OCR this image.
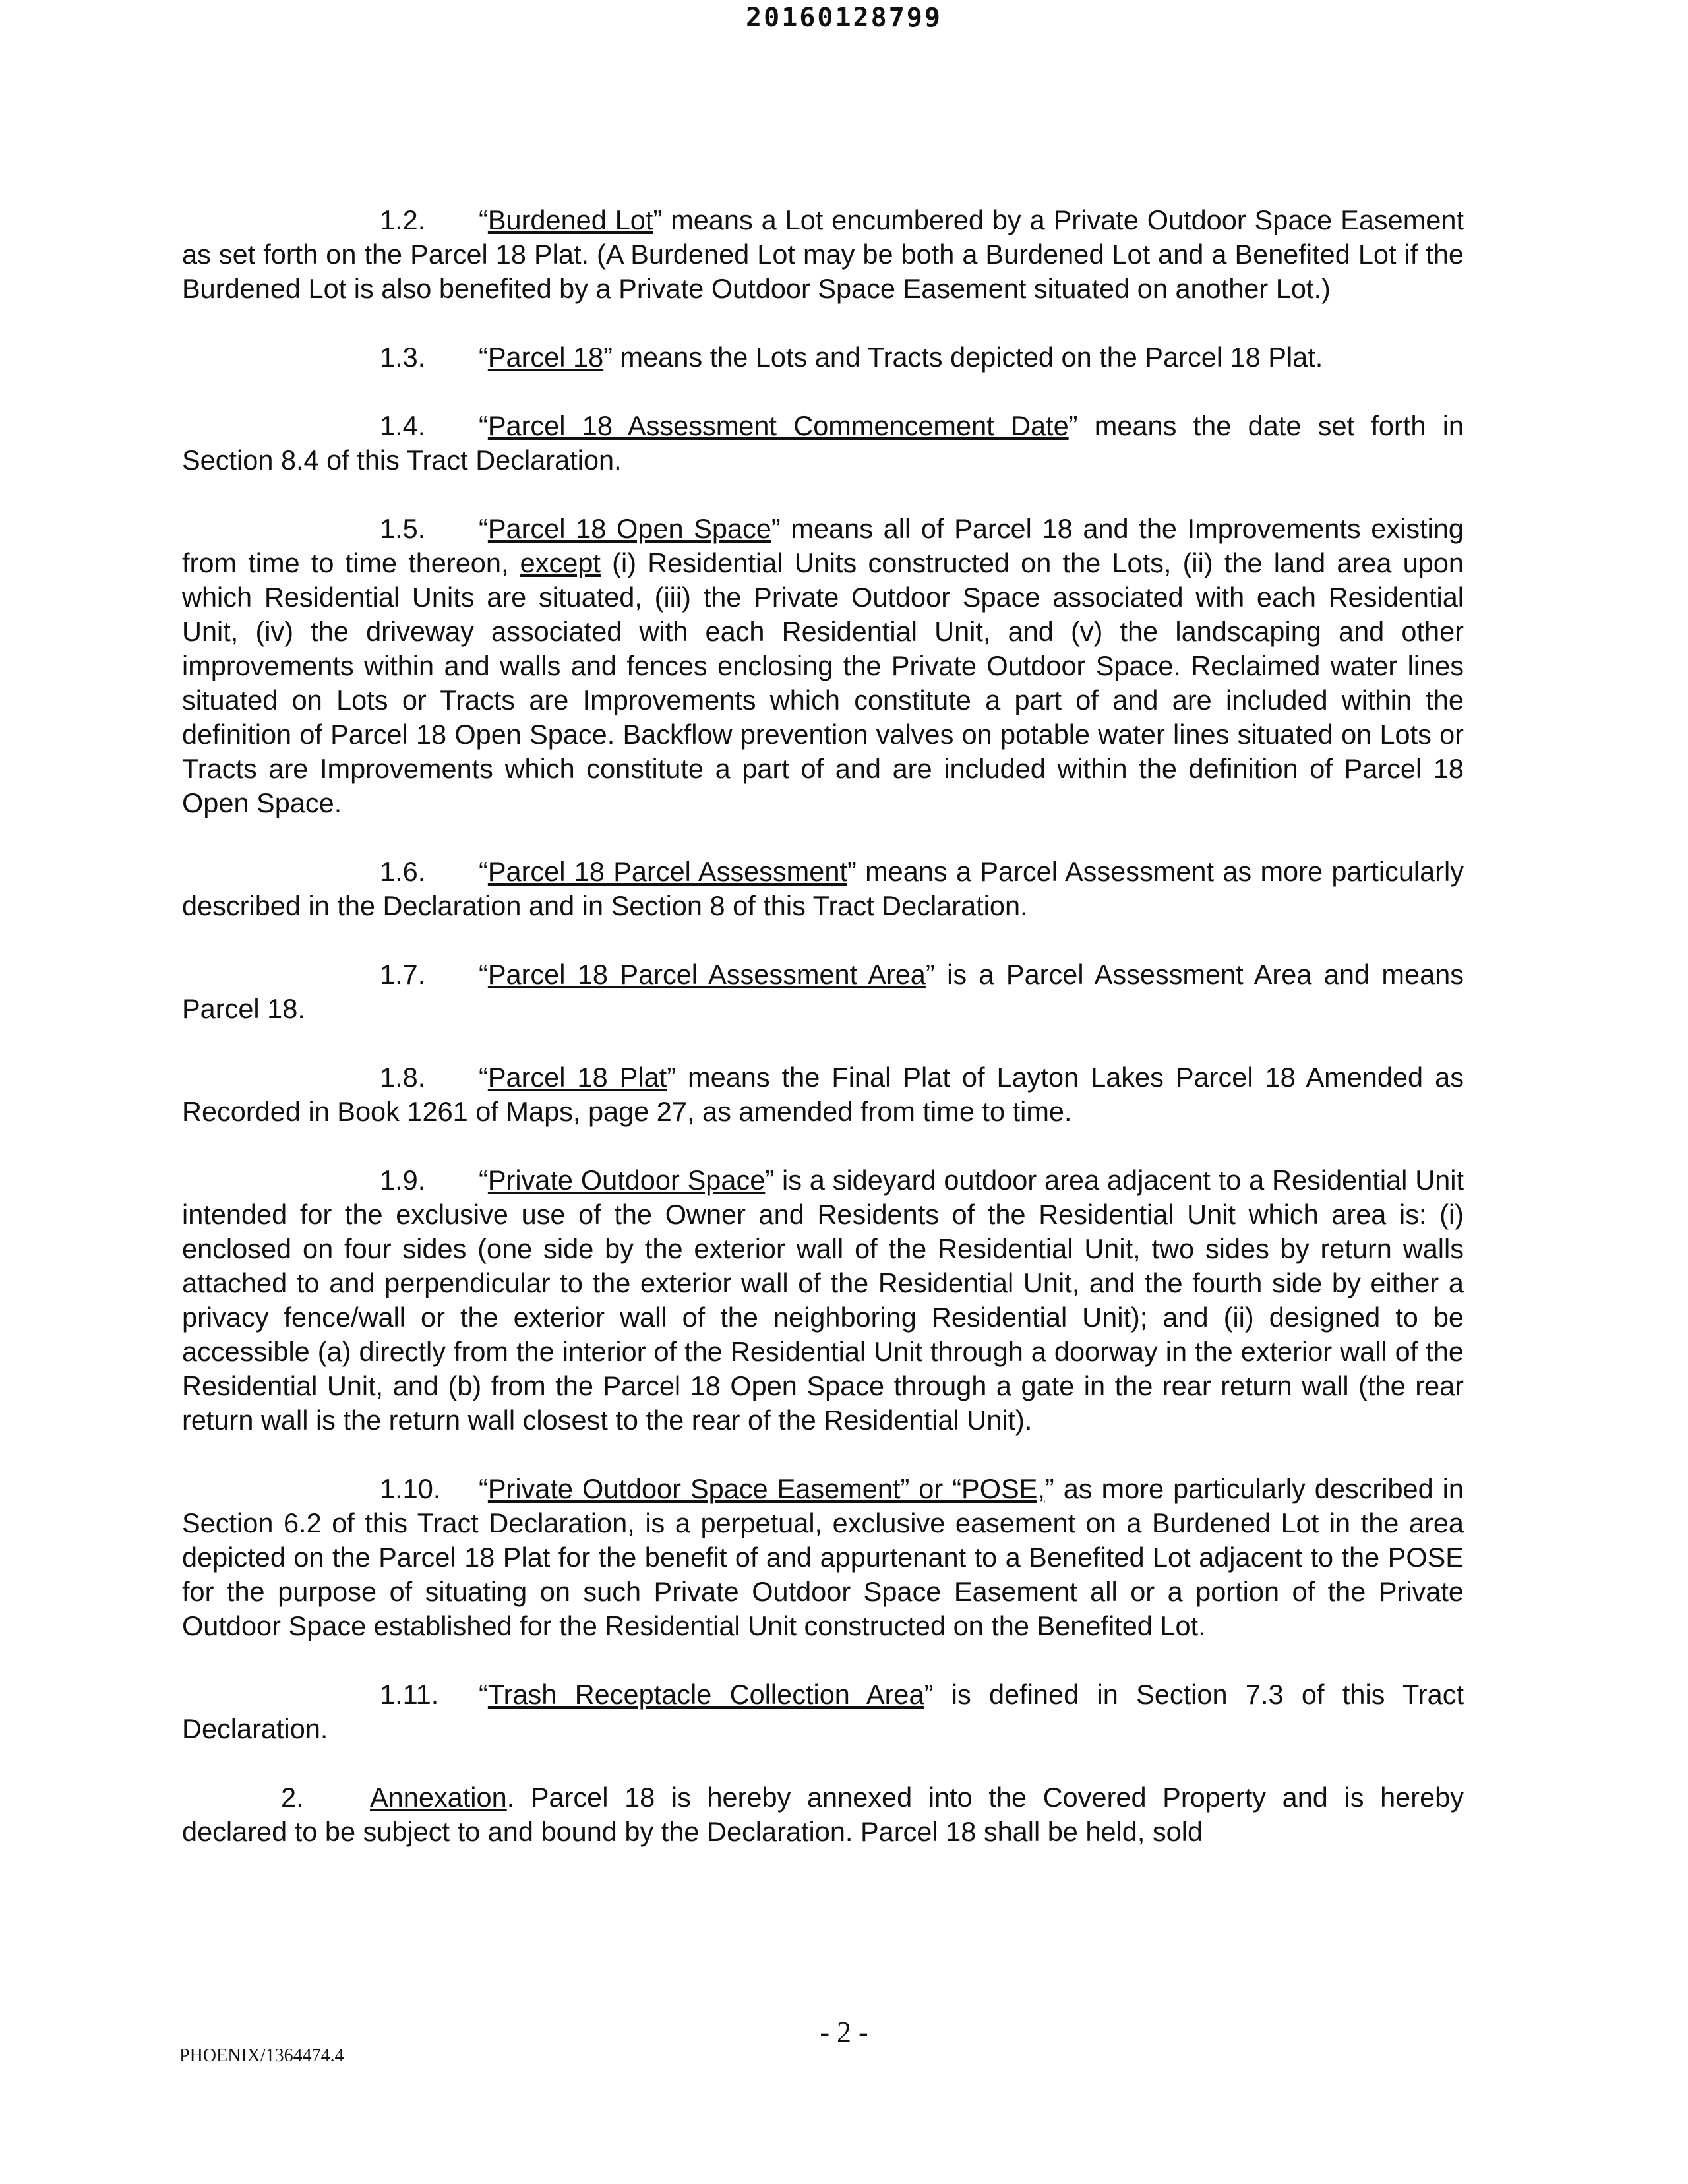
20160128799

1.2. “Burdened Lot” means a Lot encumbered by a Private Outdoor Space Easement as set forth on the Parcel 18 Plat. (A Burdened Lot may be both a Burdened Lot and a Benefited Lot if the Burdened Lot is also benefited by a Private Outdoor Space Easement situated on another Lot.)

1.3. “Parcel 18” means the Lots and Tracts depicted on the Parcel 18 Plat.

1.4. “Parcel 18 Assessment Commencement Date” means the date set forth in Section 8.4 of this Tract Declaration.

1.5. “Parcel 18 Open Space” means all of Parcel 18 and the Improvements existing from time to time thereon, except (i) Residential Units constructed on the Lots, (ii) the land area upon which Residential Units are situated, (iii) the Private Outdoor Space associated with each Residential Unit, (iv) the driveway associated with each Residential Unit, and (v) the landscaping and other improvements within and walls and fences enclosing the Private Outdoor Space. Reclaimed water lines situated on Lots or Tracts are Improvements which constitute a part of and are included within the definition of Parcel 18 Open Space. Backflow prevention valves on potable water lines situated on Lots or Tracts are Improvements which constitute a part of and are included within the definition of Parcel 18 Open Space.

1.6. “Parcel 18 Parcel Assessment” means a Parcel Assessment as more particularly described in the Declaration and in Section 8 of this Tract Declaration.

1.7. “Parcel 18 Parcel Assessment Area” is a Parcel Assessment Area and means Parcel 18.

1.8. “Parcel 18 Plat” means the Final Plat of Layton Lakes Parcel 18 Amended as Recorded in Book 1261 of Maps, page 27, as amended from time to time.

1.9. “Private Outdoor Space” is a sideyard outdoor area adjacent to a Residential Unit intended for the exclusive use of the Owner and Residents of the Residential Unit which area is: (i) enclosed on four sides (one side by the exterior wall of the Residential Unit, two sides by return walls attached to and perpendicular to the exterior wall of the Residential Unit, and the fourth side by either a privacy fence/wall or the exterior wall of the neighboring Residential Unit); and (ii) designed to be accessible (a) directly from the interior of the Residential Unit through a doorway in the exterior wall of the Residential Unit, and (b) from the Parcel 18 Open Space through a gate in the rear return wall (the rear return wall is the return wall closest to the rear of the Residential Unit).

1.10. “Private Outdoor Space Easement” or “POSE,” as more particularly described in Section 6.2 of this Tract Declaration, is a perpetual, exclusive easement on a Burdened Lot in the area depicted on the Parcel 18 Plat for the benefit of and appurtenant to a Benefited Lot adjacent to the POSE for the purpose of situating on such Private Outdoor Space Easement all or a portion of the Private Outdoor Space established for the Residential Unit constructed on the Benefited Lot.

1.11. “Trash Receptacle Collection Area” is defined in Section 7.3 of this Tract Declaration.

2. Annexation. Parcel 18 is hereby annexed into the Covered Property and is hereby declared to be subject to and bound by the Declaration. Parcel 18 shall be held, sold

- 2 -
PHOENIX/1364474.4
